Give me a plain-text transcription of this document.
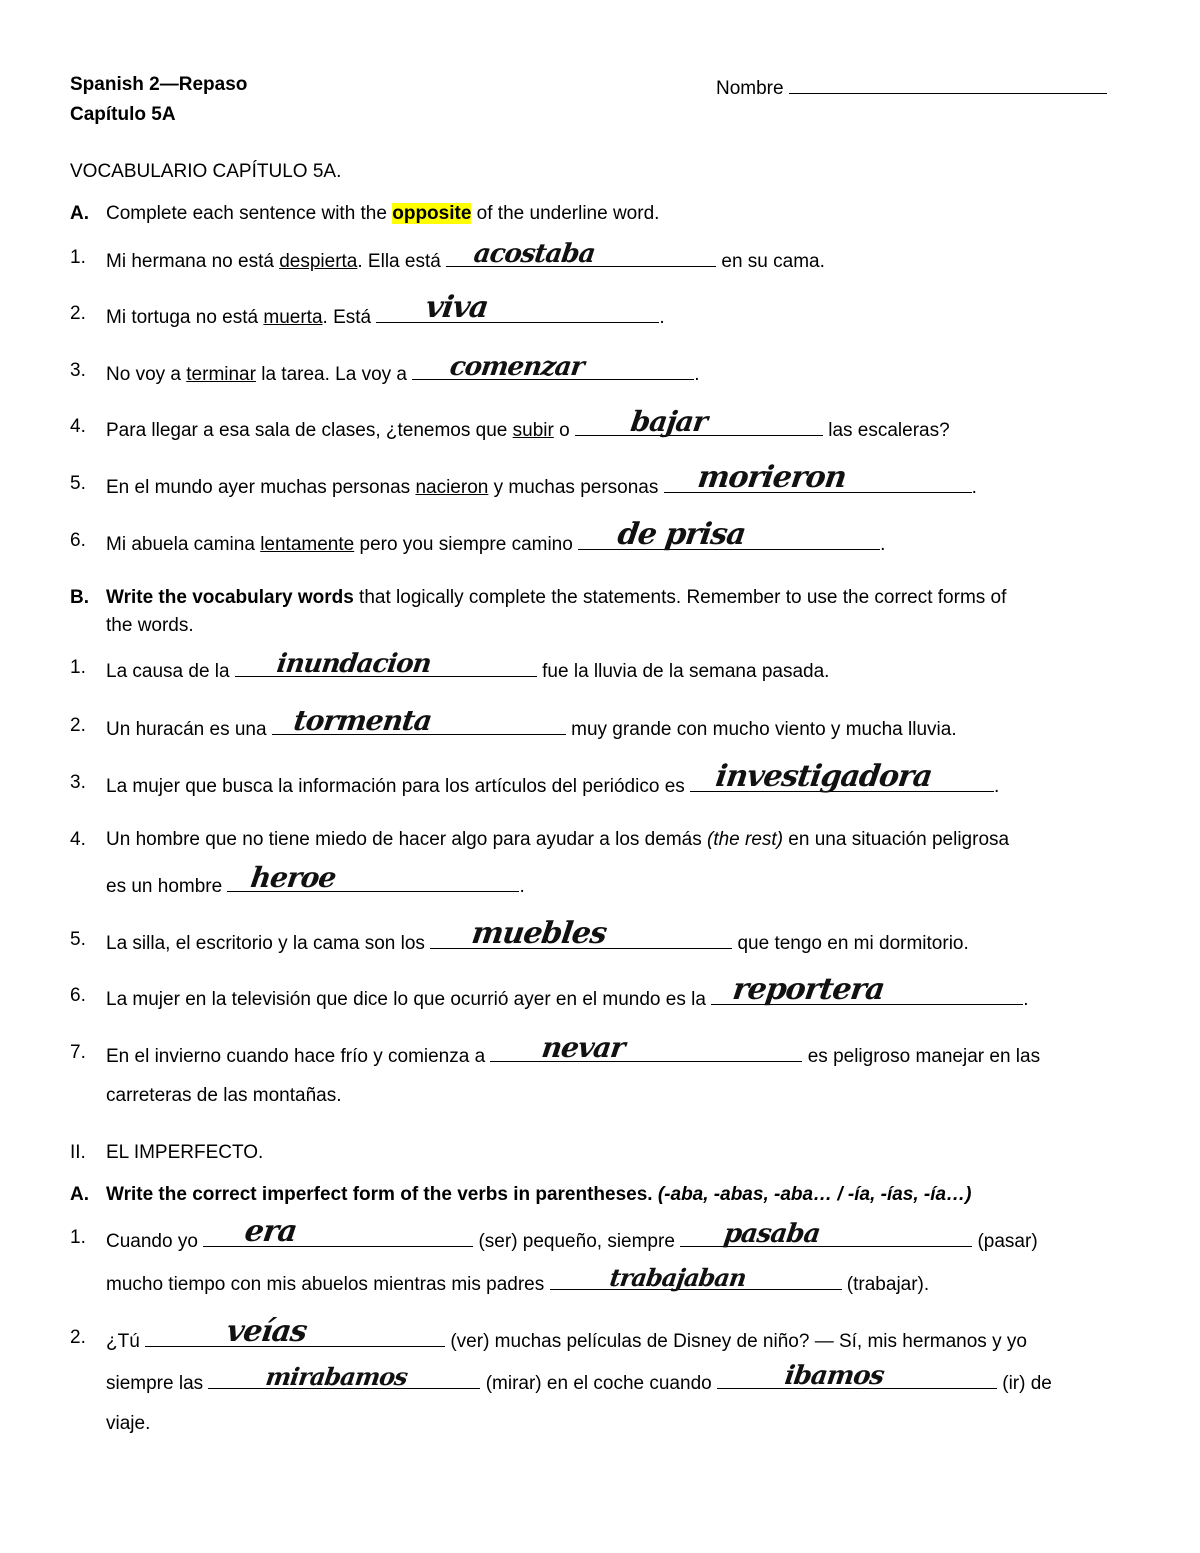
Spanish 2—Repaso
Capítulo 5A
Nombre
VOCABULARIO CAPÍTULO 5A.
A. Complete each sentence with the opposite of the underline word.
1. Mi hermana no está despierta. Ella está acostaba	en su cama.
2. Mi tortuga no está muerta. Está viva	.
3. No voy a terminar la tarea. La voy a comenzar	.
4. Para llegar a esa sala de clases, ¿tenemos que subir o bajar	las escaleras?
5. En el mundo ayer muchas personas nacieron y muchas personas morieron	.
6. Mi abuela camina lentamente pero you siempre camino de prisa	.
B. Write the vocabulary words that logically complete the statements. Remember to use the correct forms of
the words.
1. La causa de la inundacion	fue la lluvia de la semana pasada.
2. Un huracán es una tormenta	muy grande con mucho viento y mucha lluvia.
3. La mujer que busca la información para los artículos del periódico es investigadora	.
4. Un hombre que no tiene miedo de hacer algo para ayudar a los demás (the rest) en una situación peligrosa
es un hombre heroe	.
5. La silla, el escritorio y la cama son los muebles	que tengo en mi dormitorio.
6. La mujer en la televisión que dice lo que ocurrió ayer en el mundo es la reportera	.
7. En el invierno cuando hace frío y comienza a nevar	es peligroso manejar en las
carreteras de las montañas.
II. EL IMPERFECTO.
A. Write the correct imperfect form of the verbs in parentheses. (-aba, -abas, -aba… / -ía, -ías, -ía…)
1. Cuando yo era	(ser) pequeño, siempre pasaba	(pasar)
mucho tiempo con mis abuelos mientras mis padres trabajaban	(trabajar).
2. ¿Tú	veías	(ver) muchas películas de Disney de niño? — Sí, mis hermanos y yo
siempre las mirabamos	(mirar) en el coche cuando	ibamos	(ir) de
viaje.
